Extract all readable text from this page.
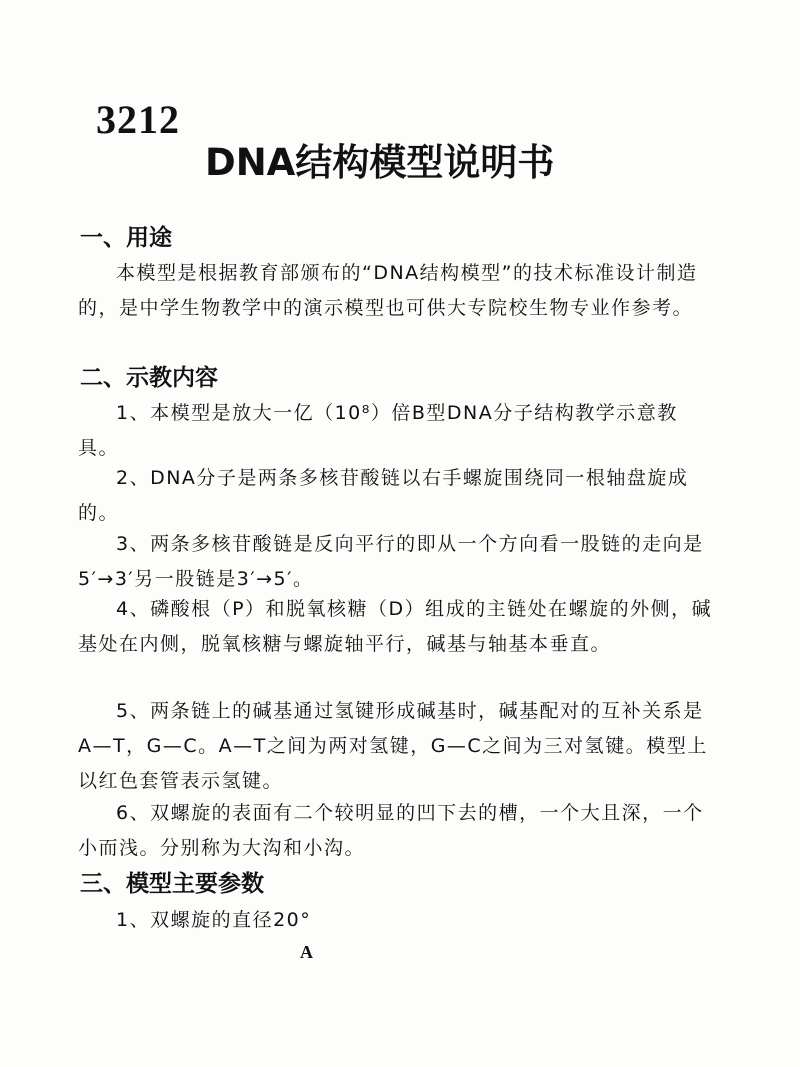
3212
DNA结构模型说明书
一、用途
本模型是根据教育部颁布的“DNA结构模型”的技术标准设计制造的，是中学生物教学中的演示模型也可供大专院校生物专业作参考。
二、示教内容
1、本模型是放大一亿（10⁸）倍B型DNA分子结构教学示意教具。
2、DNA分子是两条多核苷酸链以右手螺旋围绕同一根轴盘旋成的。
3、两条多核苷酸链是反向平行的即从一个方向看一股链的走向是5′→3′另一股链是3′→5′。
4、磷酸根（P）和脱氧核糖（D）组成的主链处在螺旋的外侧，碱基处在内侧，脱氧核糖与螺旋轴平行，碱基与轴基本垂直。
5、两条链上的碱基通过氢键形成碱基时，碱基配对的互补关系是A—T，G—C。A—T之间为两对氢键，G—C之间为三对氢键。模型上以红色套管表示氢键。
6、双螺旋的表面有二个较明显的凹下去的槽，一个大且深，一个小而浅。分别称为大沟和小沟。
三、模型主要参数
1、双螺旋的直径20°
A
